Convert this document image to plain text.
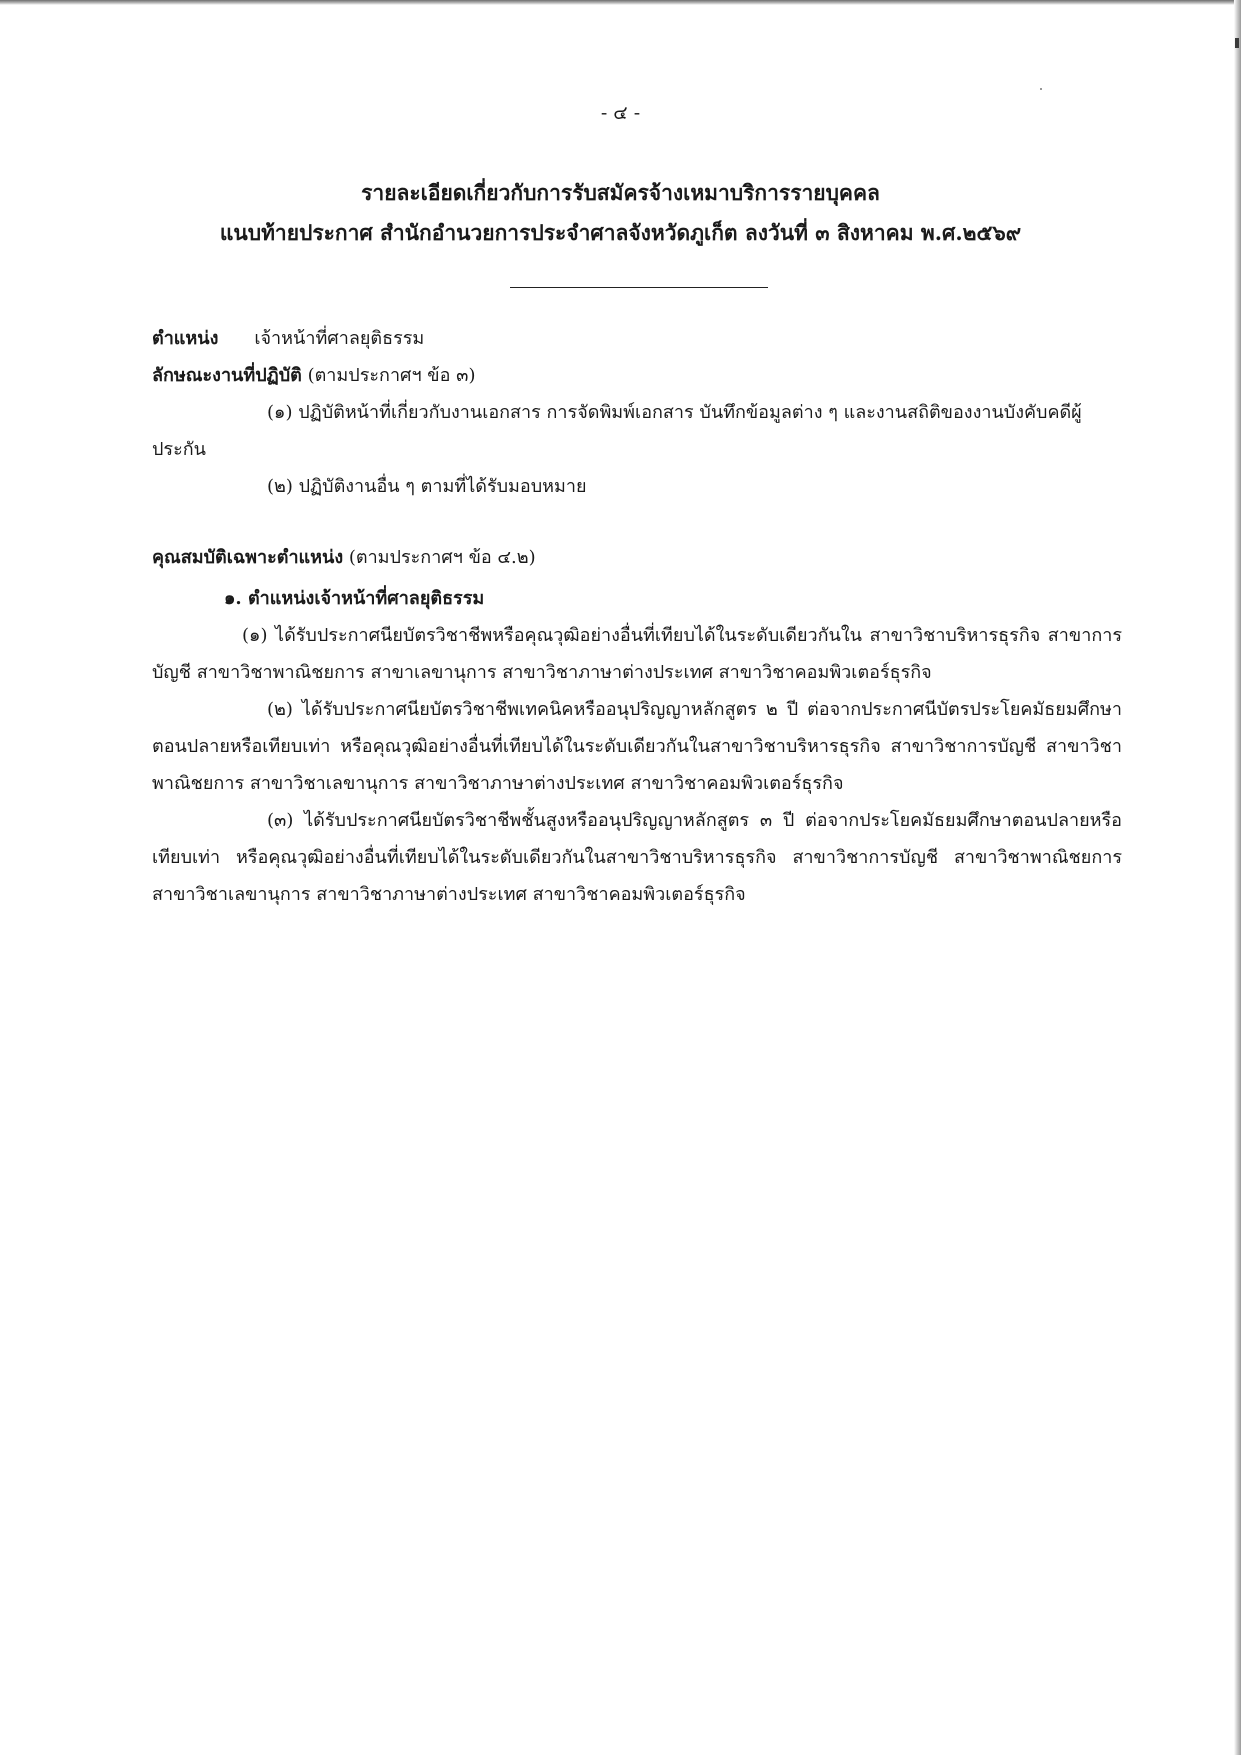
- ๔ -
รายละเอียดเกี่ยวกับการรับสมัครจ้างเหมาบริการรายบุคคล
แนบท้ายประกาศ สำนักอำนวยการประจำศาลจังหวัดภูเก็ต ลงวันที่ ๓ สิงหาคม พ.ศ.๒๕๖๙

ตำแหน่ง เจ้าหน้าที่ศาลยุติธรรม

ลักษณะงานที่ปฏิบัติ (ตามประกาศฯ ข้อ ๓)

(๑) ปฏิบัติหน้าที่เกี่ยวกับงานเอกสาร การจัดพิมพ์เอกสาร บันทึกข้อมูลต่าง ๆ และงานสถิติของงานบังคับคดีผู้ประกัน

(๒) ปฏิบัติงานอื่น ๆ ตามที่ได้รับมอบหมาย

คุณสมบัติเฉพาะตำแหน่ง (ตามประกาศฯ ข้อ ๔.๒)

๑. ตำแหน่งเจ้าหน้าที่ศาลยุติธรรม

(๑) ได้รับประกาศนียบัตรวิชาชีพหรือคุณวุฒิอย่างอื่นที่เทียบได้ในระดับเดียวกันใน สาขาวิชาบริหารธุรกิจ สาขาการบัญชี สาขาวิชาพาณิชยการ สาขาเลขานุการ สาขาวิชาภาษาต่างประเทศ สาขาวิชาคอมพิวเตอร์ธุรกิจ

(๒) ได้รับประกาศนียบัตรวิชาชีพเทคนิคหรืออนุปริญญาหลักสูตร ๒ ปี ต่อจากประกาศนีบัตรประโยคมัธยมศึกษาตอนปลายหรือเทียบเท่า หรือคุณวุฒิอย่างอื่นที่เทียบได้ในระดับเดียวกันในสาขาวิชาบริหารธุรกิจ สาขาวิชาการบัญชี สาขาวิชาพาณิชยการ สาขาวิชาเลขานุการ สาขาวิชาภาษาต่างประเทศ สาขาวิชาคอมพิวเตอร์ธุรกิจ

(๓) ได้รับประกาศนียบัตรวิชาชีพชั้นสูงหรืออนุปริญญาหลักสูตร ๓ ปี ต่อจากประโยคมัธยมศึกษาตอนปลายหรือเทียบเท่า หรือคุณวุฒิอย่างอื่นที่เทียบได้ในระดับเดียวกันในสาขาวิชาบริหารธุรกิจ สาขาวิชาการบัญชี สาขาวิชาพาณิชยการ สาขาวิชาเลขานุการ สาขาวิชาภาษาต่างประเทศ สาขาวิชาคอมพิวเตอร์ธุรกิจ
